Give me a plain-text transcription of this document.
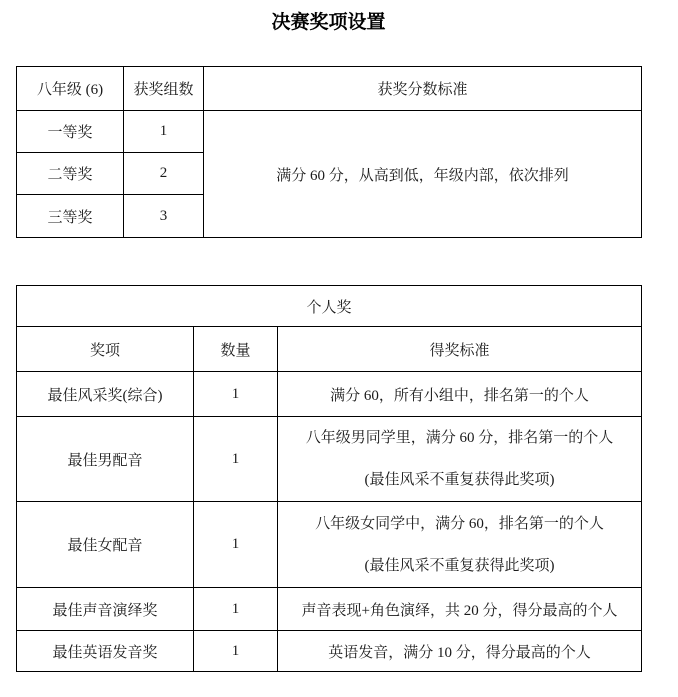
决赛奖项设置
八年级 (6)	获奖组数	获奖分数标准
一等奖	1	满分 60 分，从高到低，年级内部，依次排列
二等奖	2	
三等奖	3	
个人奖		
奖项	数量	得奖标准
最佳风采奖(综合)	1	满分 60，所有小组中，排名第一的个人
最佳男配音	1	八年级男同学里，满分 60 分，排名第一的个人
(最佳风采不重复获得此奖项)

最佳女配音	1	八年级女同学中，满分 60，排名第一的个人
(最佳风采不重复获得此奖项)

最佳声音演绎奖	1	声音表现+角色演绎，共 20 分，得分最高的个人
最佳英语发音奖	1	英语发音，满分 10 分，得分最高的个人
